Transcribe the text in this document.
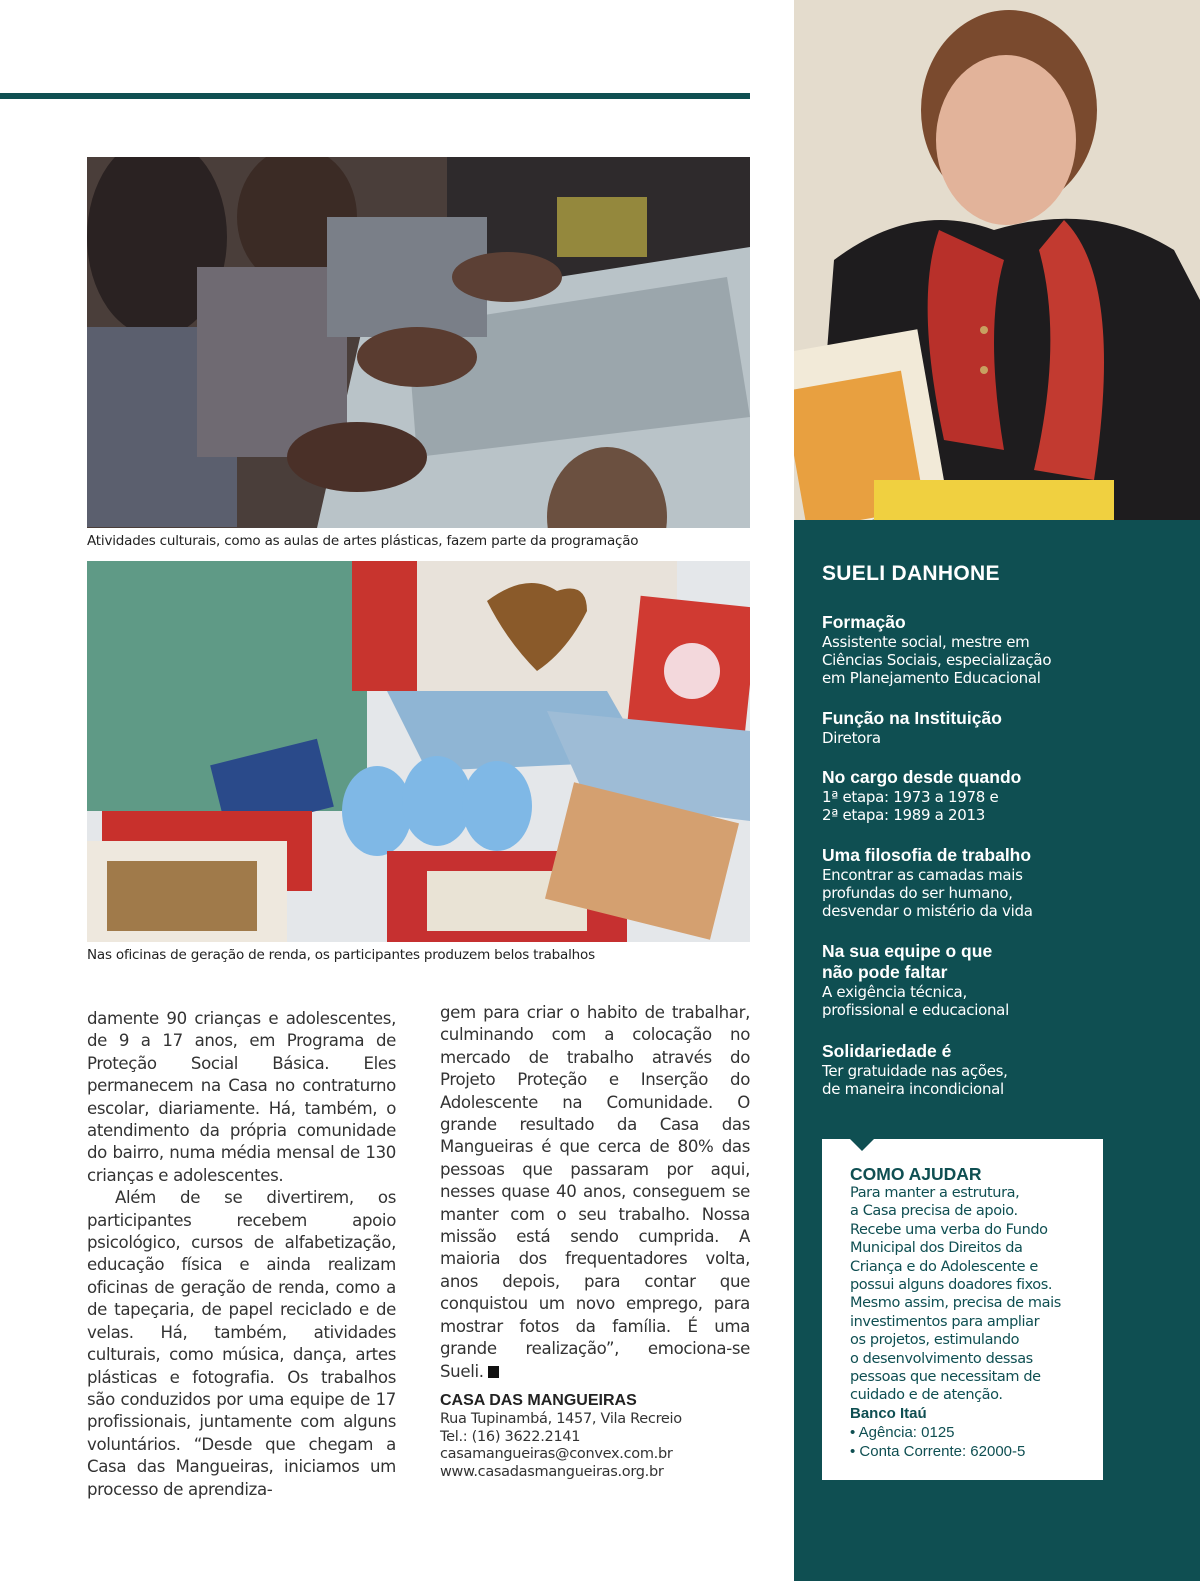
Atividades culturais, como as aulas de artes plásticas, fazem parte da programação
Nas oficinas de geração de renda, os participantes produzem belos trabalhos

damente 90 crianças e adolescentes, de 9 a 17 anos, em Programa de Proteção Social Básica. Eles permanecem na Casa no contraturno escolar, diariamente. Há, também, o atendimento da própria comunidade do bairro, numa média mensal de 130 crianças e adolescentes.

Além de se divertirem, os participantes recebem apoio psicológico, cursos de alfabetização, educação física e ainda realizam oficinas de geração de renda, como a de tapeçaria, de papel reciclado e de velas. Há, também, atividades culturais, como música, dança, artes plásticas e fotografia. Os trabalhos são conduzidos por uma equipe de 17 profissionais, juntamente com alguns voluntários. “Desde que chegam a Casa das Mangueiras, iniciamos um processo de aprendiza-

gem para criar o habito de trabalhar, culminando com a colocação no mercado de trabalho através do Projeto Proteção e Inserção do Adolescente na Comunidade. O grande resultado da Casa das Mangueiras é que cerca de 80% das pessoas que passaram por aqui, nesses quase 40 anos, conseguem se manter com o seu trabalho. Nossa missão está sendo cumprida. A maioria dos frequentadores volta, anos depois, para contar que conquistou um novo emprego, para mostrar fotos da família. É uma grande realização”, emociona-se Sueli.

CASA DAS MANGUEIRAS
Rua Tupinambá, 1457, Vila Recreio
Tel.: (16) 3622.2141
casamangueiras@convex.com.br
www.casadasmangueiras.org.br
SUELI DANHONE
Formação
Assistente social, mestre em
Ciências Sociais, especialização
em Planejamento Educacional
Função na Instituição
Diretora
No cargo desde quando
1ª etapa: 1973 a 1978 e
2ª etapa: 1989 a 2013
Uma filosofia de trabalho
Encontrar as camadas mais
profundas do ser humano,
desvendar o mistério da vida
Na sua equipe o que
não pode faltar
A exigência técnica,
profissional e educacional
Solidariedade é
Ter gratuidade nas ações,
de maneira incondicional
COMO AJUDAR
Para manter a estrutura,
a Casa precisa de apoio.
Recebe uma verba do Fundo
Municipal dos Direitos da
Criança e do Adolescente e
possui alguns doadores fixos.
Mesmo assim, precisa de mais
investimentos para ampliar
os projetos, estimulando
o desenvolvimento dessas
pessoas que necessitam de
cuidado e de atenção.
Banco Itaú
• Agência: 0125
• Conta Corrente: 62000-5
